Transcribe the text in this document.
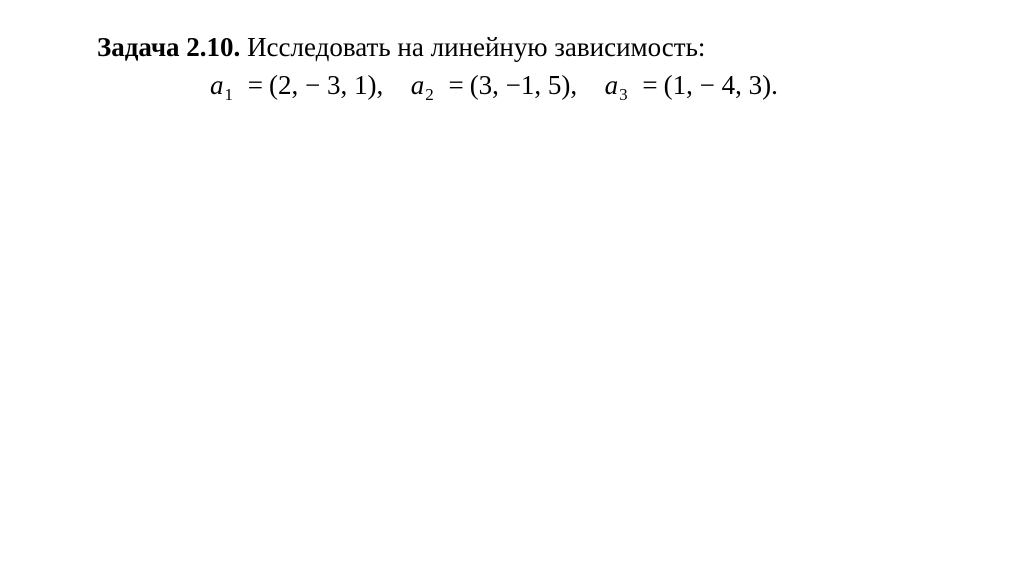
Задача 2.10. Исследовать на линейную зависимость:
$a_1 = (2$, − 3, 1), $a_2 = (3$, −1, 5), $a_3 = (1$, − 4, 3).
